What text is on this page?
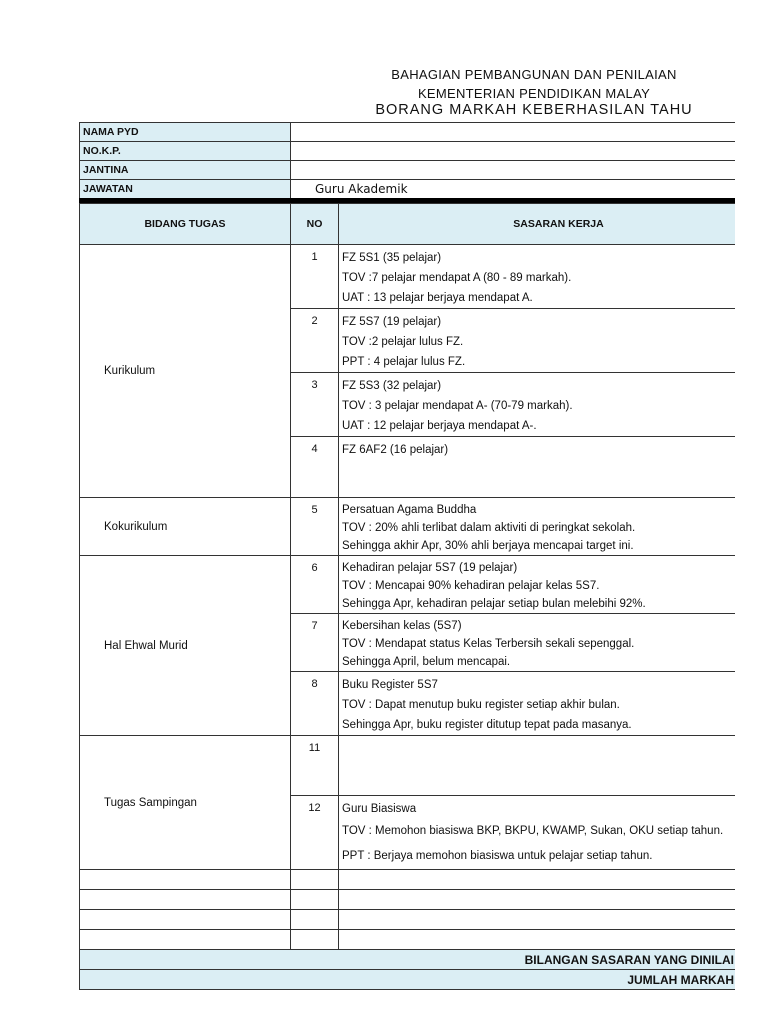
BAHAGIAN PEMBANGUNAN DAN PENILAIAN
KEMENTERIAN PENDIDIKAN MALAY
BORANG MARKAH KEBERHASILAN TAHU
NAMA PYD	
NO.K.P.	
JANTINA	
JAWATAN	Guru Akademik
BIDANG TUGAS	NO	SASARAN KERJA
Kurikulum	1	FZ 5S1 (35 pelajar)
TOV :7 pelajar mendapat A (80 - 89 markah).
UAT : 13 pelajar berjaya mendapat A.

	2	FZ 5S7 (19 pelajar)
TOV :2 pelajar lulus FZ.
PPT : 4 pelajar lulus FZ.

	3	FZ 5S3 (32 pelajar)
TOV : 3 pelajar mendapat A- (70-79 markah).
UAT : 12 pelajar berjaya mendapat A-.

	4	FZ 6AF2 (16 pelajar)

Kokurikulum	5	Persatuan Agama Buddha
TOV : 20% ahli terlibat dalam aktiviti di peringkat sekolah.
Sehingga akhir Apr, 30% ahli berjaya mencapai target ini.

Hal Ehwal Murid	6	Kehadiran pelajar 5S7 (19 pelajar)
TOV : Mencapai 90% kehadiran pelajar kelas 5S7.
Sehingga Apr, kehadiran pelajar setiap bulan melebihi 92%.

	7	Kebersihan kelas (5S7)
TOV : Mendapat status Kelas Terbersih sekali sepenggal.
Sehingga April, belum mencapai.

	8	Buku Register 5S7
TOV : Dapat menutup buku register setiap akhir bulan.
Sehingga Apr, buku register ditutup tepat pada masanya.

Tugas Sampingan	11	
	12	Guru Biasiswa
TOV : Memohon biasiswa BKP, BKPU, KWAMP, Sukan, OKU setiap tahun.
PPT : Berjaya memohon biasiswa untuk pelajar setiap tahun.

BILANGAN SASARAN YANG DINILAI		
JUMLAH MARKAH		
